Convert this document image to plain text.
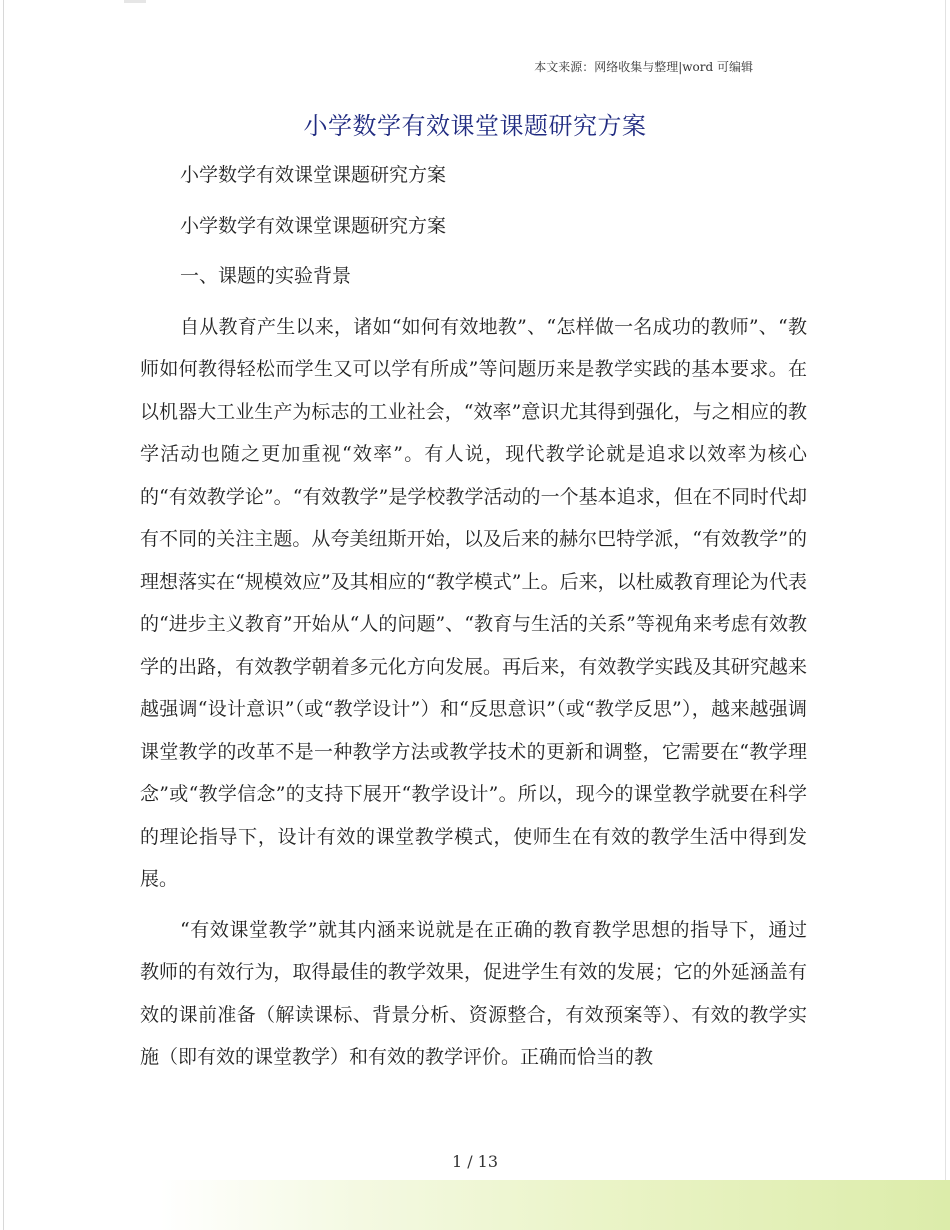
本文来源：网络收集与整理|word 可编辑
小学数学有效课堂课题研究方案

小学数学有效课堂课题研究方案

小学数学有效课堂课题研究方案

一、课题的实验背景

自从教育产生以来，诸如“如何有效地教”、“怎样做一名成功的教师”、“教师如何教得轻松而学生又可以学有所成”等问题历来是教学实践的基本要求。在以机器大工业生产为标志的工业社会，“效率”意识尤其得到强化，与之相应的教学活动也随之更加重视“效率”。有人说，现代教学论就是追求以效率为核心的“有效教学论”。“有效教学”是学校教学活动的一个基本追求，但在不同时代却有不同的关注主题。从夸美纽斯开始，以及后来的赫尔巴特学派，“有效教学”的理想落实在“规模效应”及其相应的“教学模式”上。后来，以杜威教育理论为代表的“进步主义教育”开始从“人的问题”、“教育与生活的关系”等视角来考虑有效教学的出路，有效教学朝着多元化方向发展。再后来，有效教学实践及其研究越来越强调“设计意识”（或“教学设计”）和“反思意识”（或“教学反思”），越来越强调课堂教学的改革不是一种教学方法或教学技术的更新和调整，它需要在“教学理念”或“教学信念”的支持下展开“教学设计”。所以，现今的课堂教学就要在科学的理论指导下，设计有效的课堂教学模式，使师生在有效的教学生活中得到发展。

“有效课堂教学”就其内涵来说就是在正确的教育教学思想的指导下，通过教师的有效行为，取得最佳的教学效果，促进学生有效的发展；它的外延涵盖有效的课前准备（解读课标、背景分析、资源整合，有效预案等）、有效的教学实施（即有效的课堂教学）和有效的教学评价。正确而恰当的教

1 / 13
